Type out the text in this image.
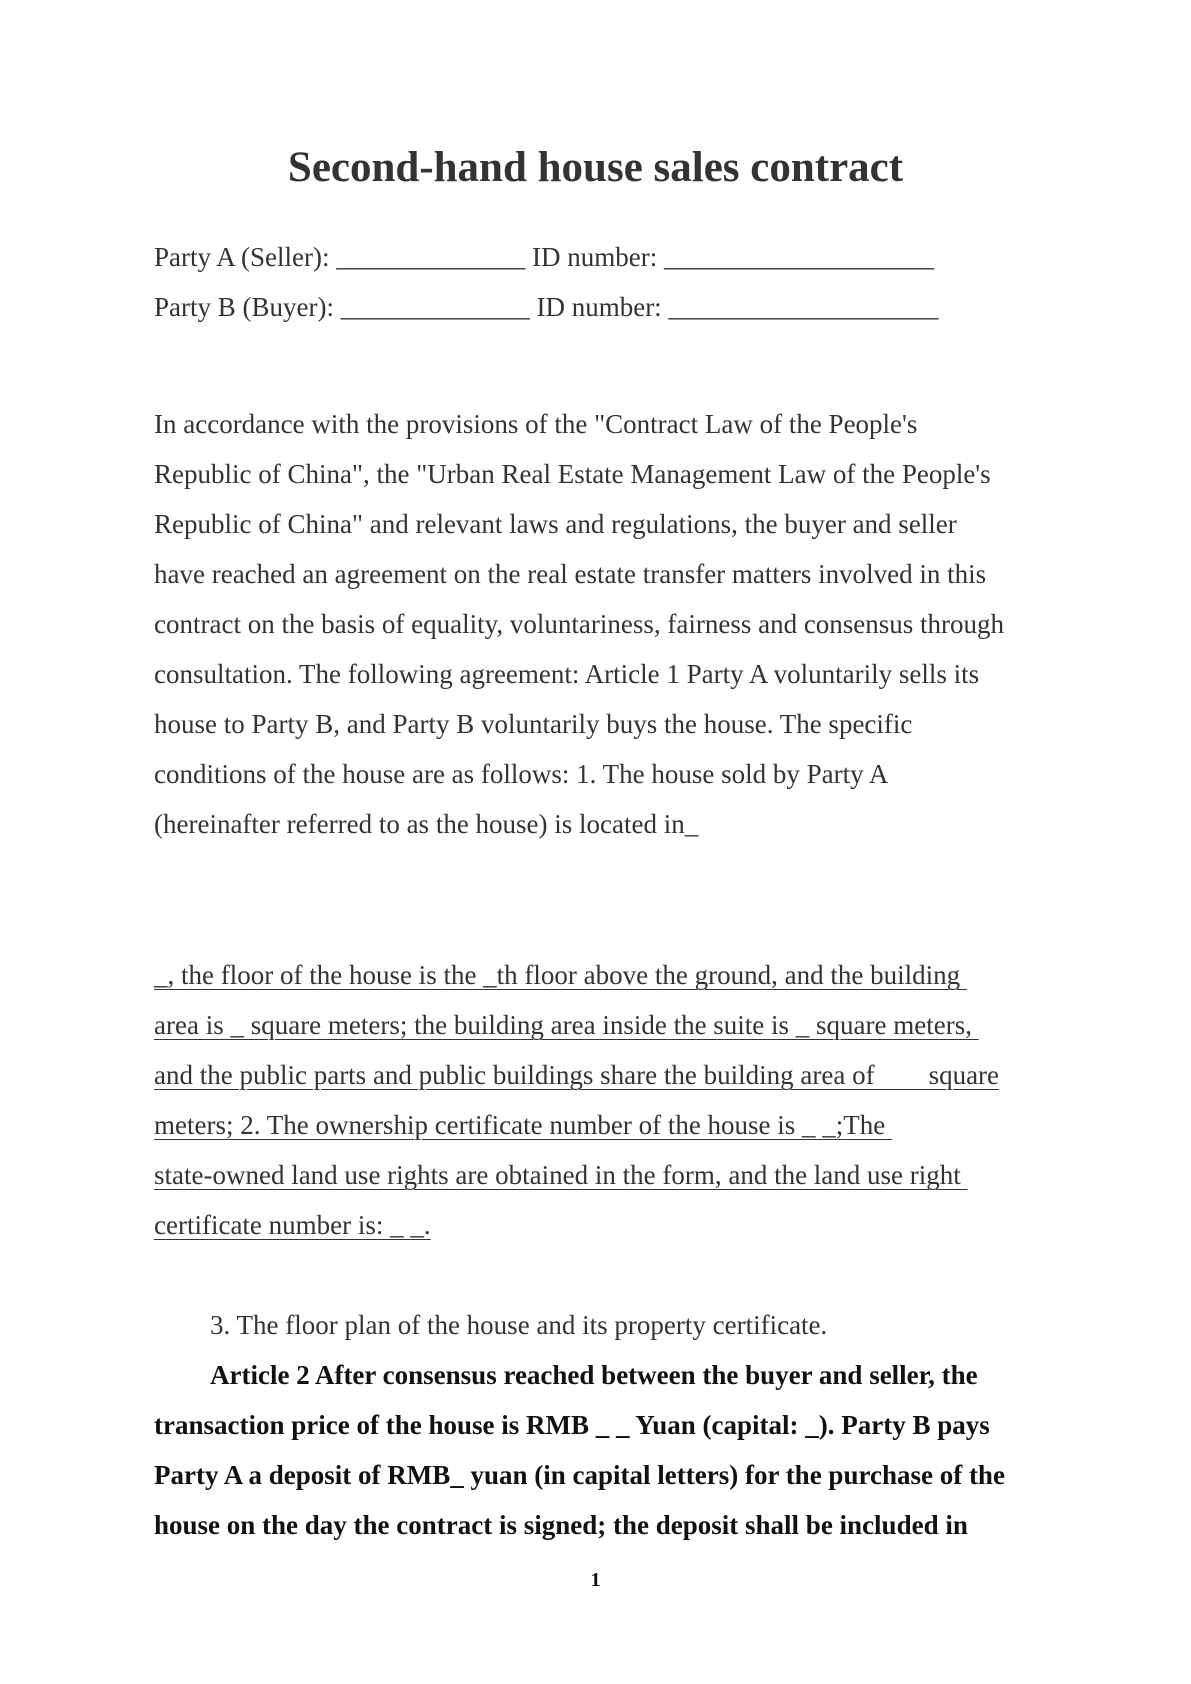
Second-hand house sales contract

Party A (Seller): ______________ ID number: ____________________

Party B (Buyer): ______________ ID number: ____________________

In accordance with the provisions of the "Contract Law of the People's

Republic of China", the "Urban Real Estate Management Law of the People's

Republic of China" and relevant laws and regulations, the buyer and seller

have reached an agreement on the real estate transfer matters involved in this

contract on the basis of equality, voluntariness, fairness and consensus through

consultation. The following agreement: Article 1 Party A voluntarily sells its

house to Party B, and Party B voluntarily buys the house. The specific

conditions of the house are as follows: 1. The house sold by Party A

(hereinafter referred to as the house) is located in_

_, the floor of the house is the _th floor above the ground, and the building

area is _ square meters; the building area inside the suite is _ square meters,

and the public parts and public buildings share the building area of        square

meters; 2. The ownership certificate number of the house is _ _;The

state-owned land use rights are obtained in the form, and the land use right

certificate number is: _ _.

3. The floor plan of the house and its property certificate.

Article 2 After consensus reached between the buyer and seller, the

transaction price of the house is RMB _ _ Yuan (capital: _). Party B pays

Party A a deposit of RMB_ yuan (in capital letters) for the purchase of the

house on the day the contract is signed; the deposit shall be included in

1
